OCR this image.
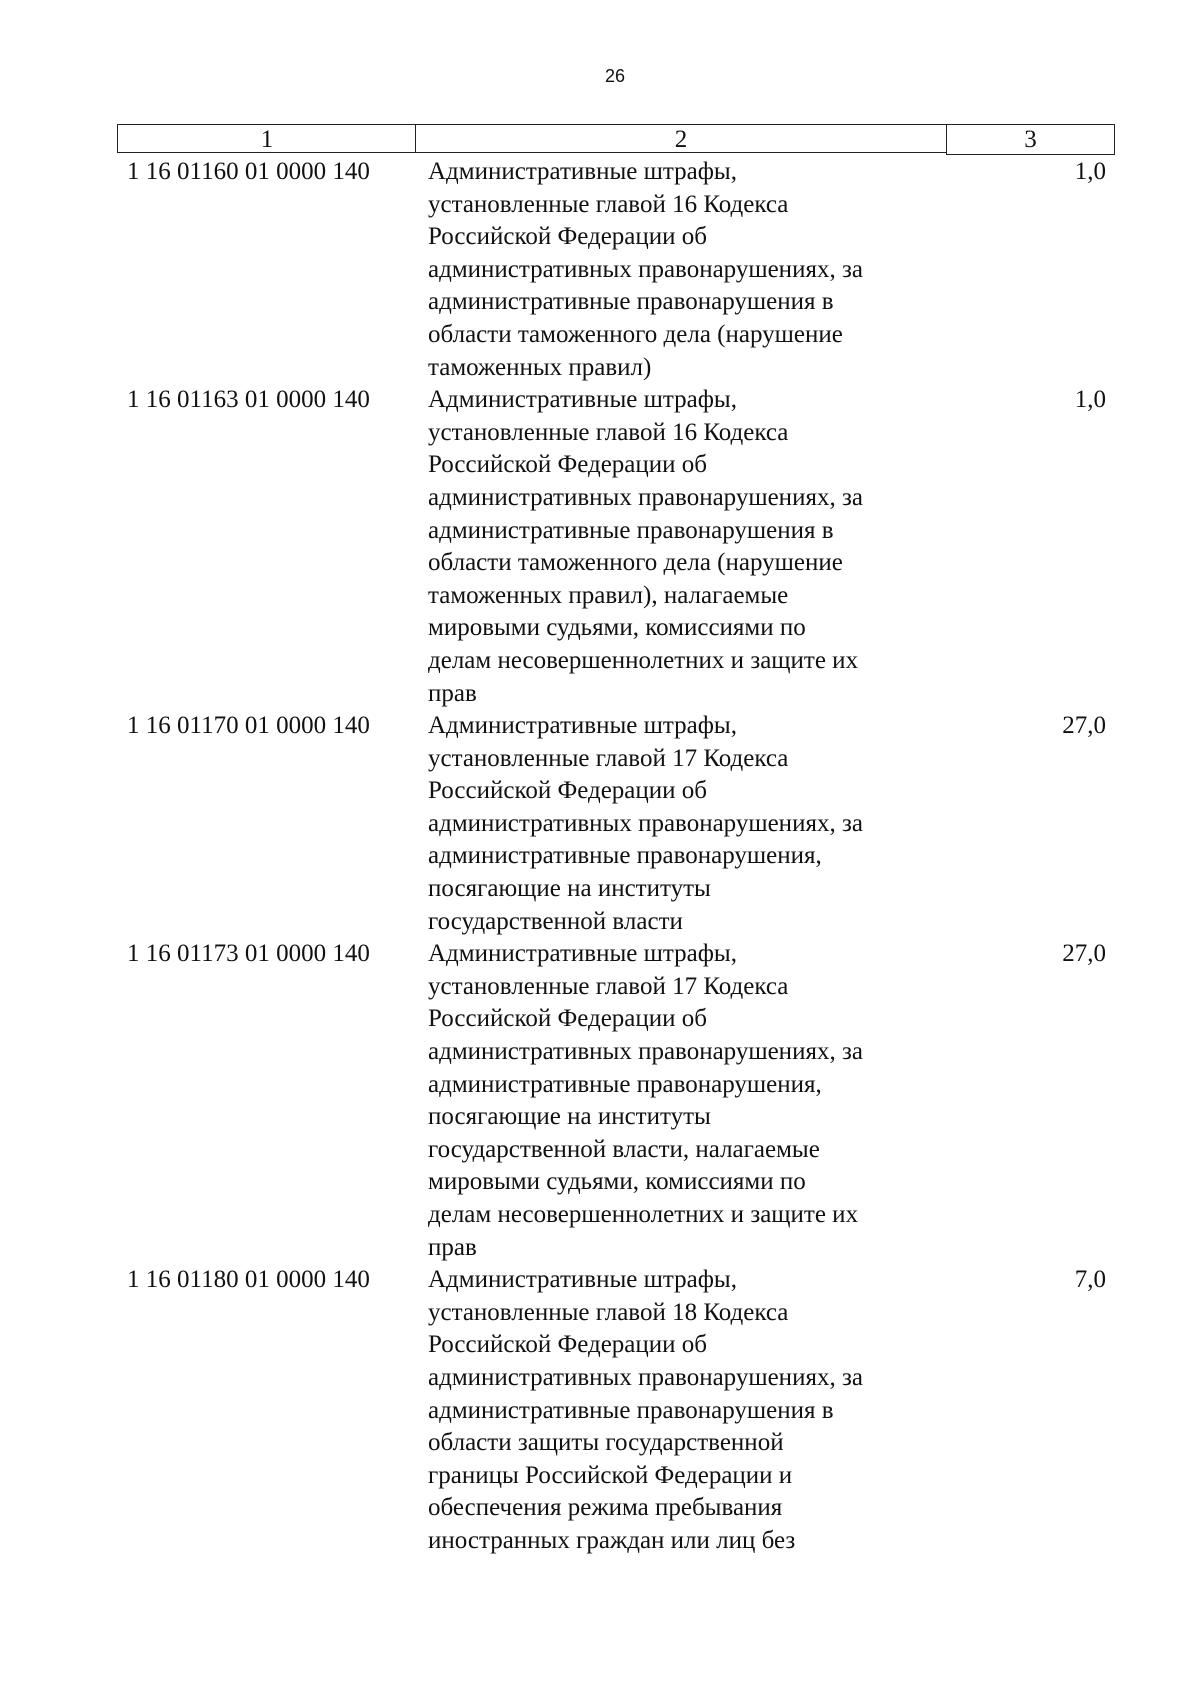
26
1	2	3
1 16 01160 01 0000 140 Административные штрафы,
установленные главой 16 Кодекса
Российской Федерации об
административных правонарушениях, за
административные правонарушения в
области таможенного дела (нарушение
таможенных правил)
1,0
1 16 01163 01 0000 140 Административные штрафы,
установленные главой 16 Кодекса
Российской Федерации об
административных правонарушениях, за
административные правонарушения в
области таможенного дела (нарушение
таможенных правил), налагаемые
мировыми судьями, комиссиями по
делам несовершеннолетних и защите их
прав
1,0
1 16 01170 01 0000 140 Административные штрафы,
установленные главой 17 Кодекса
Российской Федерации об
административных правонарушениях, за
административные правонарушения,
посягающие на институты
государственной власти
27,0
1 16 01173 01 0000 140 Административные штрафы,
установленные главой 17 Кодекса
Российской Федерации об
административных правонарушениях, за
административные правонарушения,
посягающие на институты
государственной власти, налагаемые
мировыми судьями, комиссиями по
делам несовершеннолетних и защите их
прав
27,0
1 16 01180 01 0000 140 Административные штрафы,
установленные главой 18 Кодекса
Российской Федерации об
административных правонарушениях, за
административные правонарушения в
области защиты государственной
границы Российской Федерации и
обеспечения режима пребывания
иностранных граждан или лиц без
7,0
